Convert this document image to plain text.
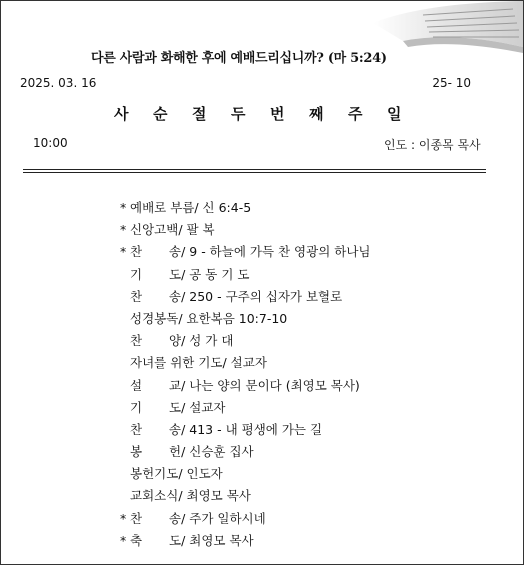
다른 사람과 화해한 후에 예배드리십니까? (마 5:24)
2025. 03. 16	25- 10
사 순 절 두 번 째 주 일
10:00	인도 : 이종목 목사
* 예배로 부름 / 신 6:4-5
* 신앙고백 / 팔 복
* 찬	송 / 9 - 하늘에 가득 찬 영광의 하나님
기	도 / 공 동 기 도
찬	송 / 250 - 구주의 십자가 보혈로
성경봉독 / 요한복음 10:7-10
찬	양 / 성 가 대
자녀를 위한 기도 / 설교자
설	교 / 나는 양의 문이다 (최영모 목사)
기	도 / 설교자
찬	송 / 413 - 내 평생에 가는 길
봉	헌 / 신승훈 집사
봉헌기도 / 인도자
교회소식 / 최영모 목사
* 찬	송 / 주가 일하시네
* 축	도 / 최영모 목사
